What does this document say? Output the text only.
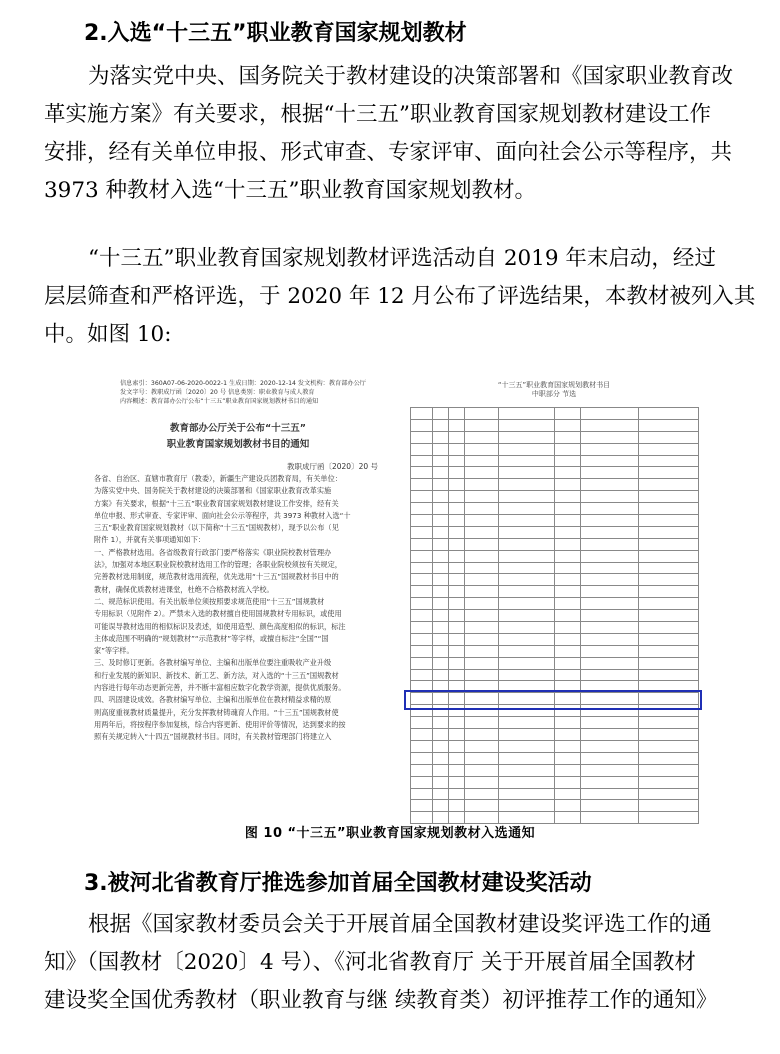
2.入选“十三五”职业教育国家规划教材

为落实党中央、国务院关于教材建设的决策部署和《国家职业教育改

革实施方案》有关要求，根据“十三五”职业教育国家规划教材建设工作

安排，经有关单位申报、形式审查、专家评审、面向社会公示等程序，共

3973 种教材入选“十三五”职业教育国家规划教材。

“十三五”职业教育国家规划教材评选活动自 2019 年末启动，经过

层层筛查和严格评选，于 2020 年 12 月公布了评选结果，本教材被列入其

中。如图 10:

信息索引：360A07-06-2020-0022-1 生成日期：2020-12-14 发文机构：教育部办公厅
发文字号：教职成厅函〔2020〕20 号 信息类别：职业教育与成人教育
内容概述：教育部办公厅公布“十三五”职业教育国家规划教材书目的通知
教育部办公厅关于公布“十三五”
职业教育国家规划教材书目的通知
教职成厅函〔2020〕20 号

各省、自治区、直辖市教育厅（教委），新疆生产建设兵团教育局，有关单位：

为落实党中央、国务院关于教材建设的决策部署和《国家职业教育改革实施

方案》有关要求，根据“十三五”职业教育国家规划教材建设工作安排，经有关

单位申报、形式审查、专家评审、面向社会公示等程序，共 3973 种教材入选“十

三五”职业教育国家规划教材（以下简称“十三五”国规教材），现予以公布（见

附件 1），并就有关事项通知如下：

一、严格教材选用。各省级教育行政部门要严格落实《职业院校教材管理办

法》，加强对本地区职业院校教材选用工作的管理；各职业院校须按有关规定，

完善教材选用制度，规范教材选用流程，优先选用“十三五”国规教材书目中的

教材，确保优质教材进课堂，杜绝不合格教材流入学校。

二、规范标识使用。有关出版单位须按照要求规范使用“十三五”国规教材

专用标识（见附件 2）。严禁未入选的教材擅自使用国规教材专用标识，或使用

可能误导教材选用的相似标识及表述，如使用造型、颜色高度相似的标识，标注

主体或范围不明确的“规划教材”“示范教材”等字样，或擅自标注“全国”“国

家”等字样。

三、及时修订更新。各教材编写单位、主编和出版单位要注重吸收产业升级

和行业发展的新知识、新技术、新工艺、新方法，对入选的“十三五”国规教材

内容进行每年动态更新完善，并不断丰富相应数字化教学资源，提供优质服务。

四、巩固建设成效。各教材编写单位、主编和出版单位在教材精益求精的原

则高度重视教材质量提升，充分发挥教材铸魂育人作用。“十三五”国规教材使

用两年后，将按程序参加复核，综合内容更新、使用评价等情况，达到要求的按

照有关规定转入“十四五”国规教材书目。同时，有关教材管理部门将建立入

“十三五”职业教育国家规划教材书目
中职部分 节选

图 10 “十三五”职业教育国家规划教材入选通知
3.被河北省教育厅推选参加首届全国教材建设奖活动

根据《国家教材委员会关于开展首届全国教材建设奖评选工作的通

知》（国教材〔2020〕4 号）、《河北省教育厅 关于开展首届全国教材

建设奖全国优秀教材（职业教育与继 续教育类）初评推荐工作的通知》
